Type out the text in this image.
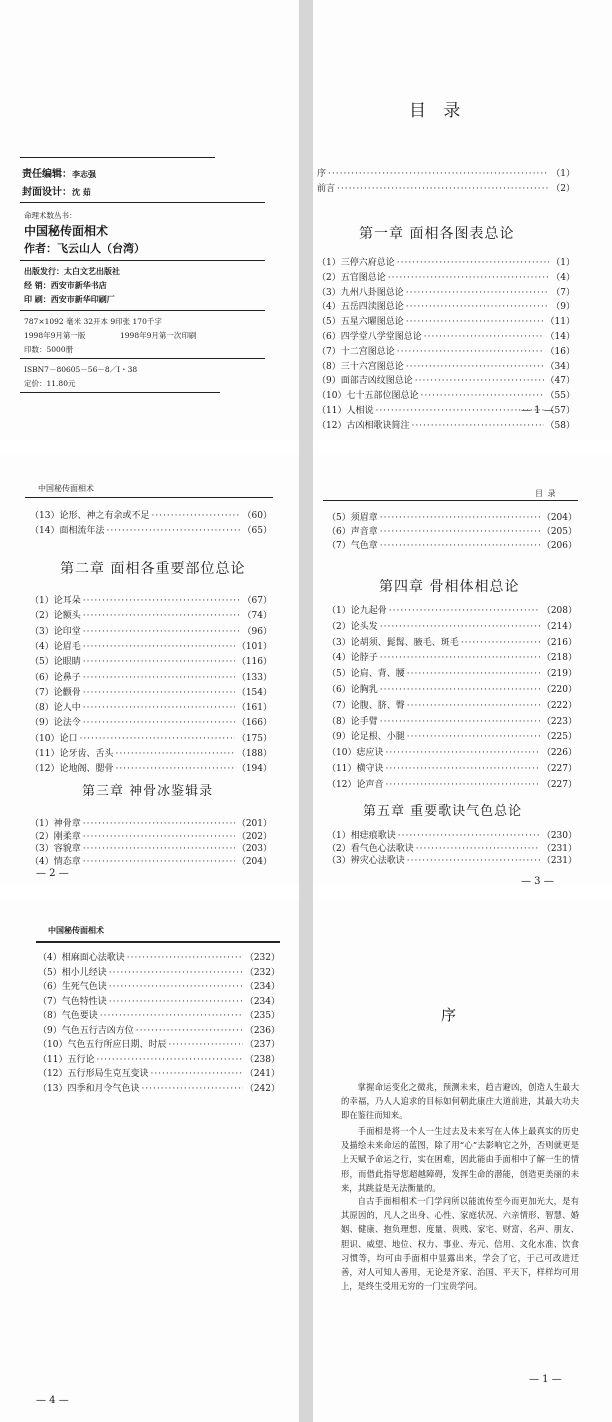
责任编辑：李志强
封面设计：沈 茹
命理术数丛书：
中国秘传面相术
作者：飞云山人（台湾）
出版发行：太白文艺出版社
经 销：西安市新华书店
印 刷：西安市新华印刷厂
787×1092 毫米 32开本 9印张 170千字
1998年9月第一版	1998年9月第一次印刷
印数：5000册
ISBN7－80605－56－8／I・38
定价：11.80元
目 录
序 ·····	（1）
前言 ·····	（2）
第一章 面相各图表总论
（1）三停六府总论 ·····	（1）
（2）五官图总论 ·····	（4）
（3）九州八卦图总论 ·····	（7）
（4）五岳四渎图总论 ·····	（9）
（5）五星六曜图总论 ·····	（11）
（6）四学堂八学堂图总论 ·····	（14）
（7）十二宫图总论 ·····	（16）
（8）三十六宫图总论 ·····	（34）
（9）面部吉凶纹图总论 ·····	（47）
（10）七十五部位图总论 ·····	（55）
（11）人相说 ·····	（57）
（12）古凶相歌诀简注 ·····	（58）
— 1 —
中国秘传面相术
（13）论形、神之有余或不足 ·····	（60）
（14）面相流年法 ·····	（65）
第二章 面相各重要部位总论
（1）论耳朵 ·····	（67）
（2）论额头 ·····	（74）
（3）论印堂 ·····	（96）
（4）论眉毛 ·····	（101）
（5）论眼睛 ·····	（116）
（6）论鼻子 ·····	（133）
（7）论颧骨 ·····	（154）
（8）论人中 ·····	（161）
（9）论法令 ·····	（166）
（10）论口 ·····	（175）
（11）论牙齿、舌头 ·····	（188）
（12）论地阁、腮骨 ·····	（194）
第三章 神骨冰鉴辑录
（1）神骨章 ·····	（201）
（2）刚柔章 ·····	（202）
（3）容貌章 ·····	（203）
（4）情态章 ·····	（204）
— 2 —
目 录
（5）须眉章 ·····	（204）
（6）声音章 ·····	（205）
（7）气色章 ·····	（206）
第四章 骨相体相总论
（1）论九起骨 ·····	（208）
（2）论头发 ·····	（214）
（3）论胡须、髭髯、腋毛、斑毛 ·····	（216）
（4）论脖子 ·····	（218）
（5）论肩、背、腰 ·····	（219）
（6）论胸乳 ·····	（220）
（7）论腹、脐、臀 ·····	（222）
（8）论手臂 ·····	（223）
（9）论足根、小腿 ·····	（225）
（10）痣应诀 ·····	（226）
（11）横守诀 ·····	（227）
（12）论声音 ·····	（227）
第五章 重要歌诀气色总论
（1）相痣痕歌诀 ·····	（230）
（2）看气色心法歌诀 ·····	（231）
（3）辨灾心法歌诀 ·····	（231）
— 3 —
中国秘传面相术
（4）相麻面心法歌诀 ·····	（232）
（5）相小儿经诀 ·····	（232）
（6）生死气色诀 ·····	（234）
（7）气色特性诀 ·····	（234）
（8）气色要诀 ·····	（235）
（9）气色五行吉凶方位 ·····	（236）
（10）气色五行所应日期、时辰 ·····	（237）
（11）五行论 ·····	（238）
（12）五行形局生克互变诀 ·····	（241）
（13）四季和月令气色诀 ·····	（242）
— 4 —
序
掌握命运变化之微兆，预测未来，趋吉避凶，创造人生最大的幸福，乃人人追求的目标如何朝此康庄大道前进，其最大功夫即在鉴往而知来。
手面相是将一个人一生过去及未来写在人体上最真实的历史及描绘未来命运的蓝图，除了用“心”去影响它之外，否则就更是上天赋予命运之行，实在困难，因此能由手面相中了解一生的情形，而借此指导您超越障碍，发挥生命的潜能，创造更美丽的未来，其跳益是无法衡量的。
自古手面相相术一门学问所以能流传至今而更加光大，是有其原因的，凡人之出身、心性、家庭状况、六亲情形、智慧、婚姻、健康、抱负理想、度量、贵贱、家宅、财富、名声、朋友、胆识、威望、地位、权力、事业、寿元、信用、文化水准、饮食习惯等，均可由手面相中显露出来，学会了它，于己可改进迁善，对人可知人善用，无论是齐家、治国、平天下，样样均可用上，是终生受用无穷的一门宝贵学问。
— 1 —
